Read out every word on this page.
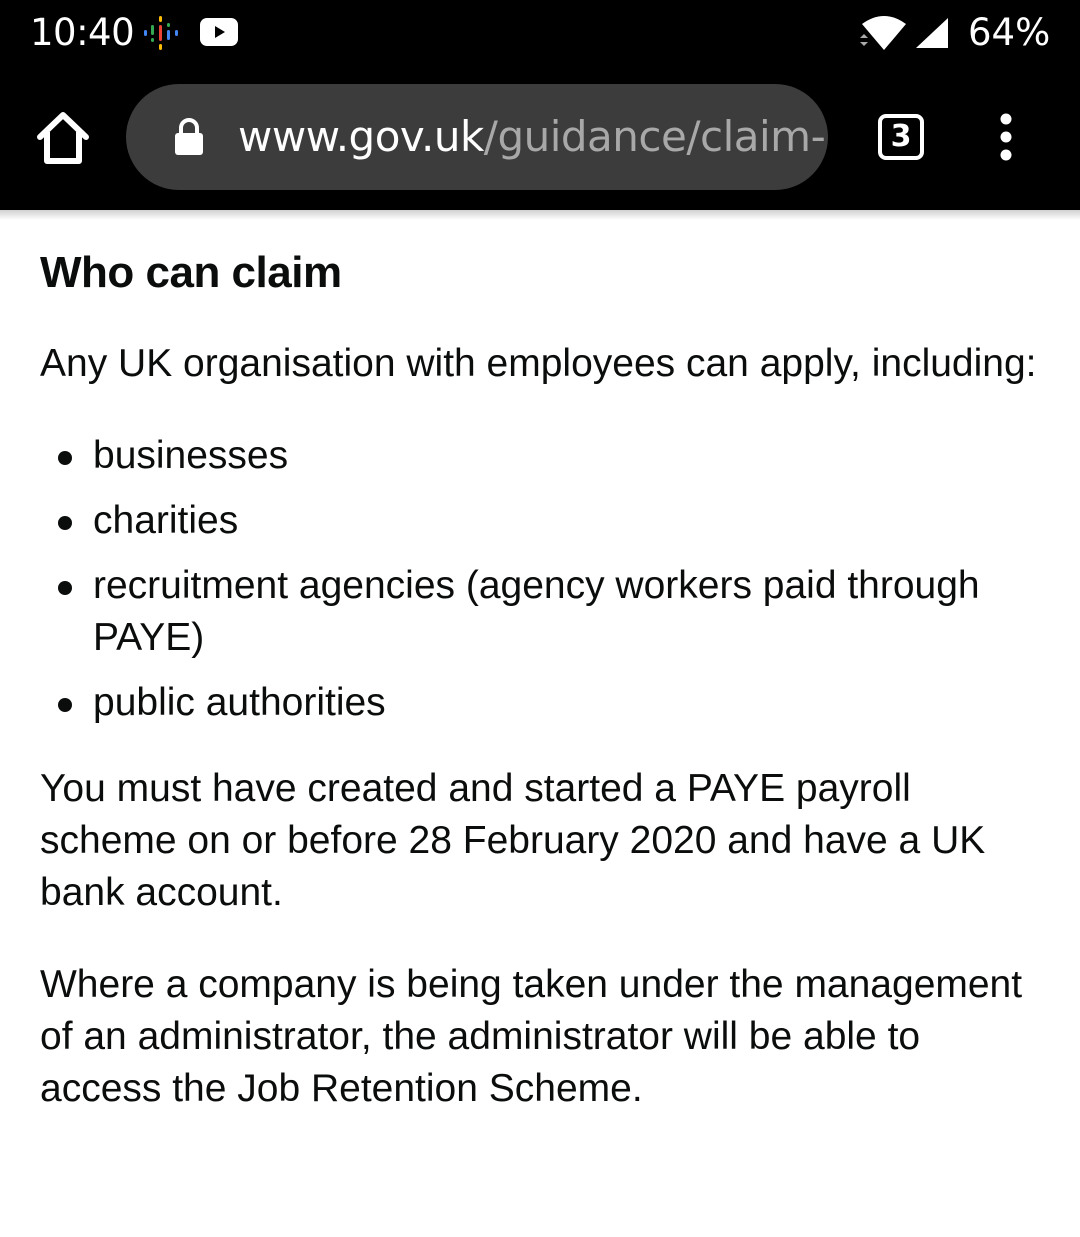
10:40	64%
www.gov.uk/guidance/claim-	3
Who can claim

Any UK organisation with employees can apply, including:

businesses
charities
recruitment agencies (agency workers paid through PAYE)
public authorities

You must have created and started a PAYE payroll scheme on or before 28 February 2020 and have a UK bank account.

Where a company is being taken under the management of an administrator, the administrator will be able to access the Job Retention Scheme.
